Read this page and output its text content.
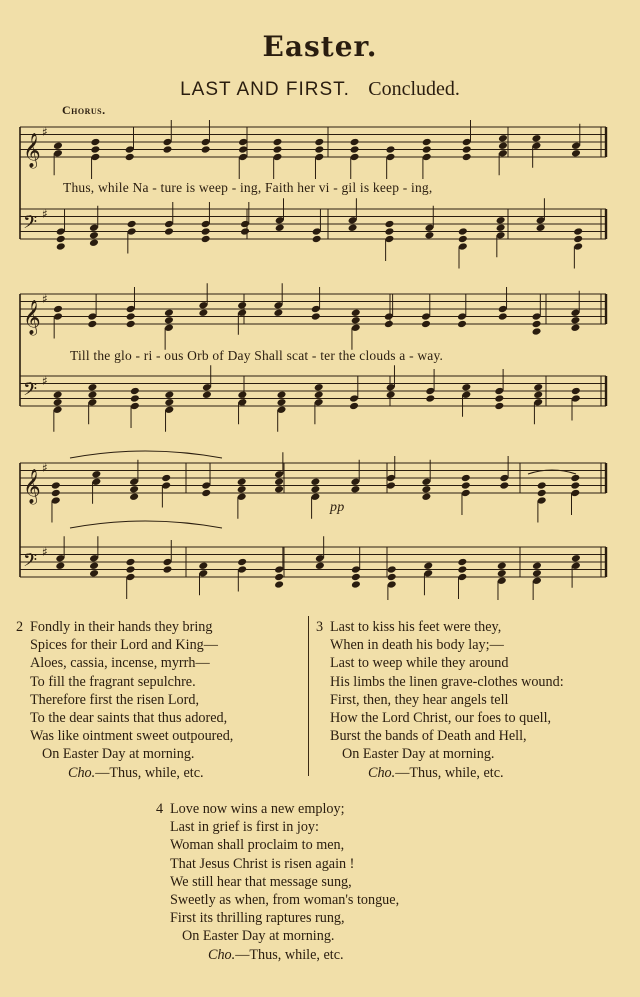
Easter.
LAST AND FIRST. Concluded.
Chorus.
𝄞
♯
𝄢 ♯
𝄞
♯
𝄢 ♯
𝄞
♯
𝄢 ♯
Thus, while Na - ture is weep - ing, Faith her vi - gil is keep - ing,
Till the glo - ri - ous Orb of Day Shall scat - ter the clouds a - way.
pp
2 Fondly in their hands they bring
Spices for their Lord and King—
Aloes, cassia, incense, myrrh—
To fill the fragrant sepulchre.
Therefore first the risen Lord,
To the dear saints that thus adored,
Was like ointment sweet outpoured,
On Easter Day at morning.
Cho.—Thus, while, etc.
3 Last to kiss his feet were they,
When in death his body lay;—
Last to weep while they around
His limbs the linen grave-clothes wound:
First, then, they hear angels tell
How the Lord Christ, our foes to quell,
Burst the bands of Death and Hell,
On Easter Day at morning.
Cho.—Thus, while, etc.
4 Love now wins a new employ;
Last in grief is first in joy:
Woman shall proclaim to men,
That Jesus Christ is risen again !
We still hear that message sung,
Sweetly as when, from woman's tongue,
First its thrilling raptures rung,
On Easter Day at morning.
Cho.—Thus, while, etc.
